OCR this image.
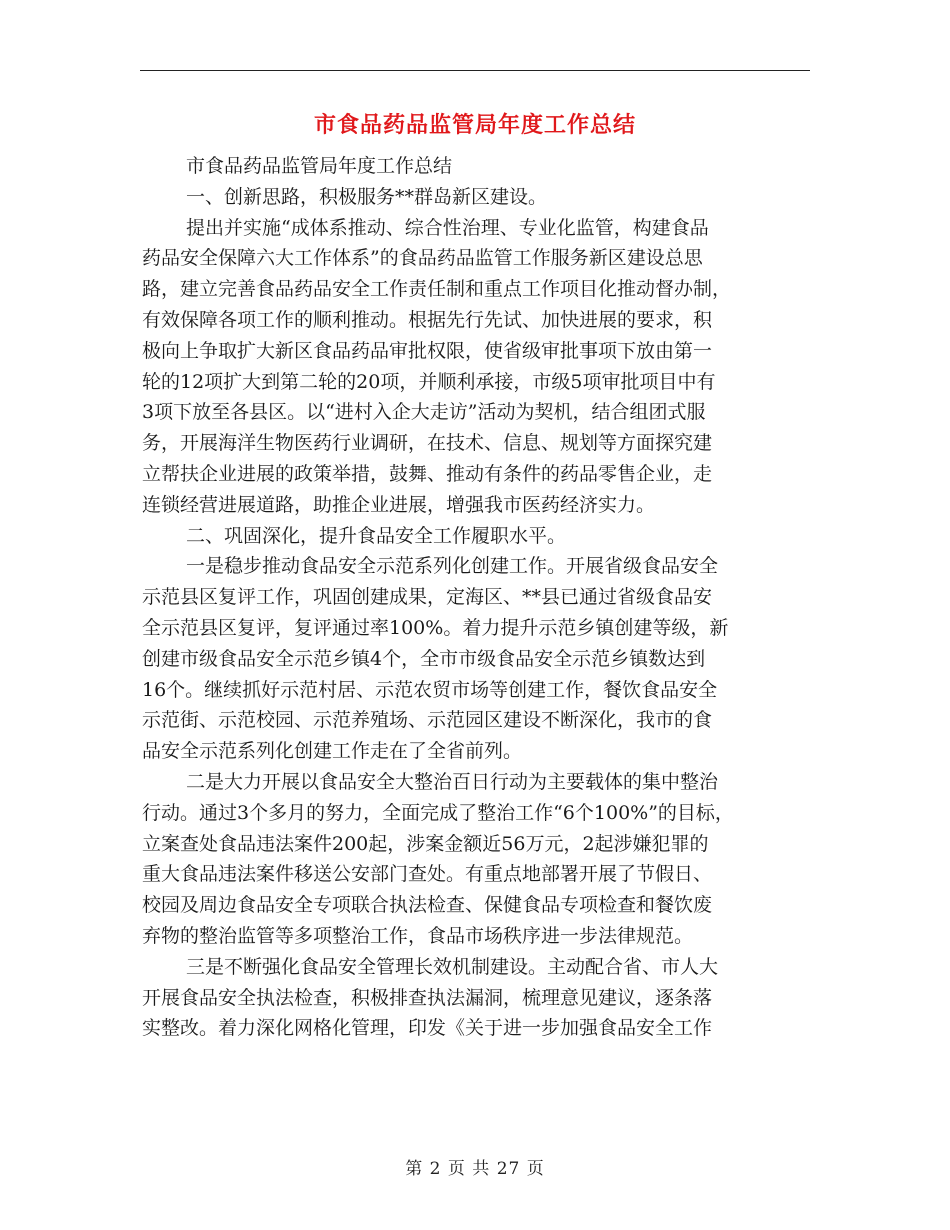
市食品药品监管局年度工作总结
市食品药品监管局年度工作总结
一、创新思路，积极服务**群岛新区建设。
提出并实施“成体系推动、综合性治理、专业化监管，构建食品
药品安全保障六大工作体系”的食品药品监管工作服务新区建设总思
路，建立完善食品药品安全工作责任制和重点工作项目化推动督办制，
有效保障各项工作的顺利推动。根据先行先试、加快进展的要求，积
极向上争取扩大新区食品药品审批权限，使省级审批事项下放由第一
轮的12项扩大到第二轮的20项，并顺利承接，市级5项审批项目中有
3项下放至各县区。以“进村入企大走访”活动为契机，结合组团式服
务，开展海洋生物医药行业调研，在技术、信息、规划等方面探究建
立帮扶企业进展的政策举措，鼓舞、推动有条件的药品零售企业，走
连锁经营进展道路，助推企业进展，增强我市医药经济实力。
二、巩固深化，提升食品安全工作履职水平。
一是稳步推动食品安全示范系列化创建工作。开展省级食品安全
示范县区复评工作，巩固创建成果，定海区、**县已通过省级食品安
全示范县区复评，复评通过率100%。着力提升示范乡镇创建等级，新
创建市级食品安全示范乡镇4个，全市市级食品安全示范乡镇数达到
16个。继续抓好示范村居、示范农贸市场等创建工作，餐饮食品安全
示范街、示范校园、示范养殖场、示范园区建设不断深化，我市的食
品安全示范系列化创建工作走在了全省前列。
二是大力开展以食品安全大整治百日行动为主要载体的集中整治
行动。通过3个多月的努力，全面完成了整治工作“6个100%”的目标，
立案查处食品违法案件200起，涉案金额近56万元，2起涉嫌犯罪的
重大食品违法案件移送公安部门查处。有重点地部署开展了节假日、
校园及周边食品安全专项联合执法检查、保健食品专项检查和餐饮废
弃物的整治监管等多项整治工作，食品市场秩序进一步法律规范。
三是不断强化食品安全管理长效机制建设。主动配合省、市人大
开展食品安全执法检查，积极排查执法漏洞，梳理意见建议，逐条落
实整改。着力深化网格化管理，印发《关于进一步加强食品安全工作
第 2 页 共 27 页
